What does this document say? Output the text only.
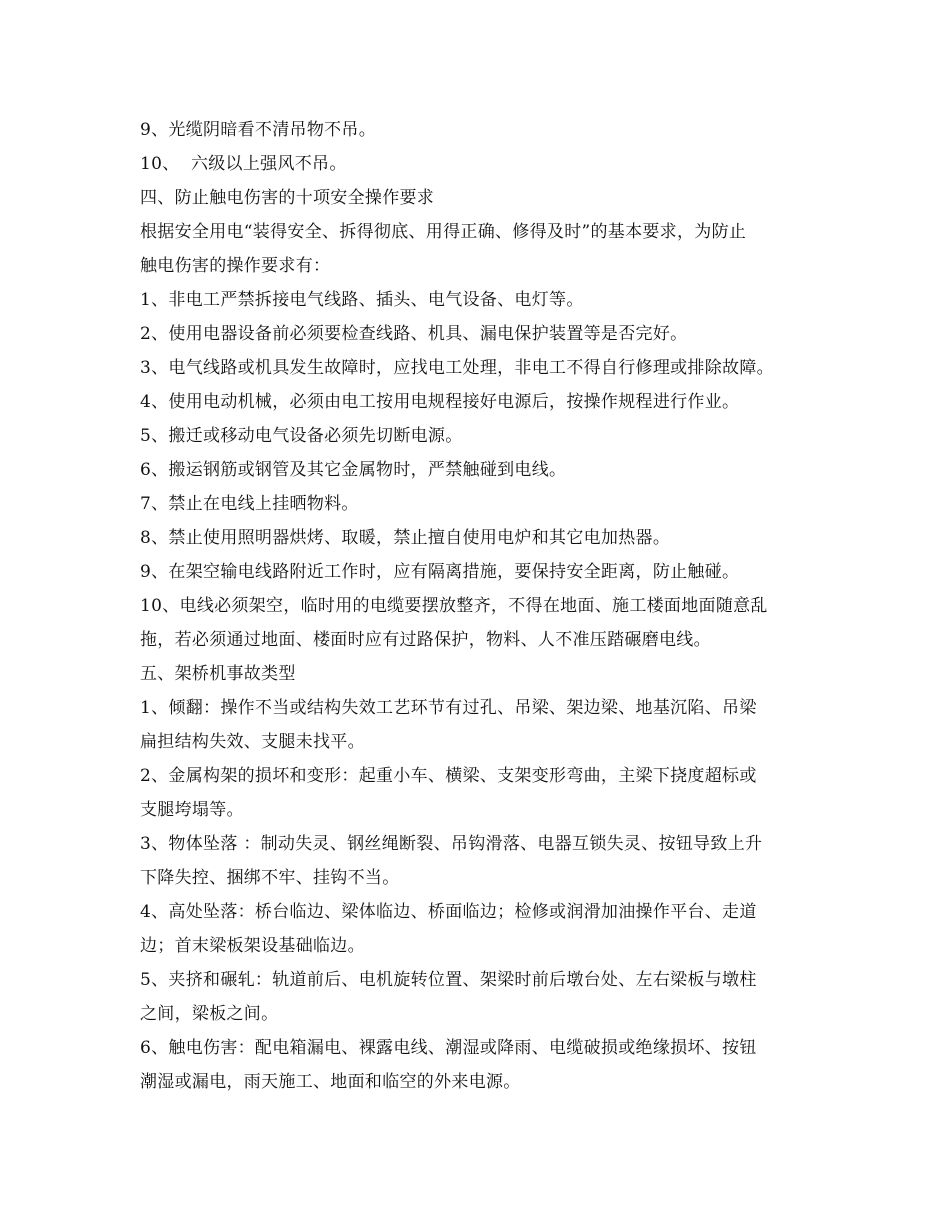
9、光缆阴暗看不清吊物不吊。
10、  六级以上强风不吊。
四、防止触电伤害的十项安全操作要求
根据安全用电“装得安全、拆得彻底、用得正确、修得及时”的基本要求，为防止
触电伤害的操作要求有：
1、非电工严禁拆接电气线路、插头、电气设备、电灯等。
2、使用电器设备前必须要检查线路、机具、漏电保护装置等是否完好。
3、电气线路或机具发生故障时，应找电工处理，非电工不得自行修理或排除故障。
4、使用电动机械，必须由电工按用电规程接好电源后，按操作规程进行作业。
5、搬迁或移动电气设备必须先切断电源。
6、搬运钢筋或钢管及其它金属物时，严禁触碰到电线。
7、禁止在电线上挂晒物料。
8、禁止使用照明器烘烤、取暖，禁止擅自使用电炉和其它电加热器。
9、在架空输电线路附近工作时，应有隔离措施，要保持安全距离，防止触碰。
10、电线必须架空，临时用的电缆要摆放整齐，不得在地面、施工楼面地面随意乱
拖，若必须通过地面、楼面时应有过路保护，物料、人不准压踏碾磨电线。
五、架桥机事故类型
1、倾翻：操作不当或结构失效工艺环节有过孔、吊梁、架边梁、地基沉陷、吊梁
扁担结构失效、支腿未找平。
2、金属构架的损坏和变形：起重小车、横梁、支架变形弯曲，主梁下挠度超标或
支腿垮塌等。
3、物体坠落 ：制动失灵、钢丝绳断裂、吊钩滑落、电器互锁失灵、按钮导致上升
下降失控、捆绑不牢、挂钩不当。
4、高处坠落：桥台临边、梁体临边、桥面临边；检修或润滑加油操作平台、走道
边；首末梁板架设基础临边。
5、夹挤和碾轧：轨道前后、电机旋转位置、架梁时前后墩台处、左右梁板与墩柱
之间，梁板之间。
6、触电伤害：配电箱漏电、裸露电线、潮湿或降雨、电缆破损或绝缘损坏、按钮
潮湿或漏电，雨天施工、地面和临空的外来电源。
